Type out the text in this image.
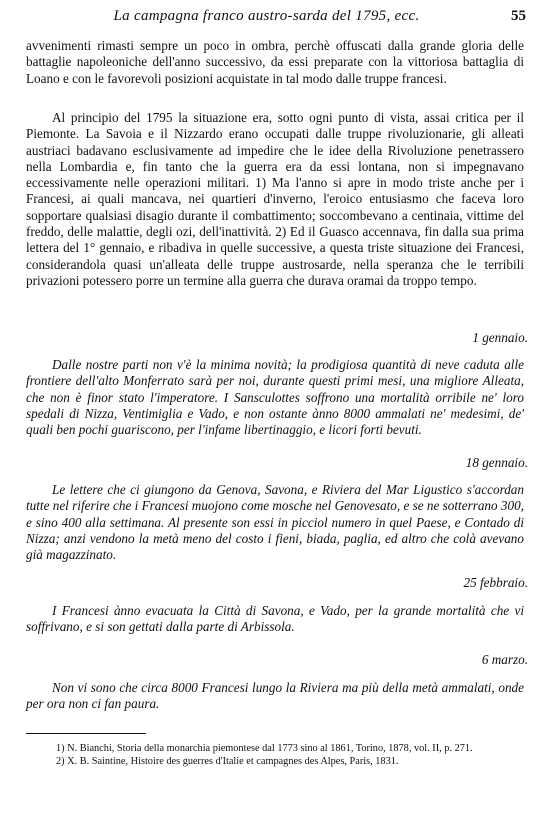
La campagna franco austro-sarda del 1795, ecc.	55

avvenimenti rimasti sempre un poco in ombra, perchè offuscati dalla grande gloria delle battaglie napoleoniche dell'anno successivo, da essi preparate con la vittoriosa battaglia di Loano e con le favorevoli posizioni acquistate in tal modo dalle truppe francesi.

Al principio del 1795 la situazione era, sotto ogni punto di vista, assai critica per il Piemonte. La Savoia e il Nizzardo erano occupati dalle truppe rivoluzionarie, gli alleati austriaci badavano esclusivamente ad impedire che le idee della Rivoluzione penetrassero nella Lombardia e, fin tanto che la guerra era da essi lontana, non si impegnavano eccessivamente nelle operazioni militari. 1) Ma l'anno si apre in modo triste anche per i Francesi, ai quali mancava, nei quartieri d'inverno, l'eroico entusiasmo che faceva loro sopportare qualsiasi disagio durante il combattimento; soccombevano a centinaia, vittime del freddo, delle malattie, degli ozi, dell'inattività. 2) Ed il Guasco accennava, fin dalla sua prima lettera del 1° gennaio, e ribadiva in quelle successive, a questa triste situazione dei Francesi, considerandola quasi un'alleata delle truppe austrosarde, nella speranza che le terribili privazioni potessero porre un termine alla guerra che durava oramai da troppo tempo.

1 gennaio.

Dalle nostre parti non v'è la minima novità; la prodigiosa quantità di neve caduta alle frontiere dell'alto Monferrato sarà per noi, durante questi primi mesi, una migliore Alleata, che non è finor stato l'imperatore. I Sansculottes soffrono una mortalità orribile ne' loro spedali di Nizza, Ventimiglia e Vado, e non ostante ànno 8000 ammalati ne' medesimi, de' quali ben pochi guariscono, per l'infame libertinaggio, e licori forti bevuti.

18 gennaio.

Le lettere che ci giungono da Genova, Savona, e Riviera del Mar Ligustico s'accordan tutte nel riferire che i Francesi muojono come mosche nel Genovesato, e se ne sotterrano 300, e sino 400 alla settimana. Al presente son essi in picciol numero in quel Paese, e Contado di Nizza; anzi vendono la metà meno del costo i fieni, biada, paglia, ed altro che colà avevano già magazzinato.

25 febbraio.

I Francesi ànno evacuata la Città di Savona, e Vado, per la grande mortalità che vi soffrivano, e si son gettati dalla parte di Arbissola.

6 marzo.

Non vi sono che circa 8000 Francesi lungo la Riviera ma più della metà ammalati, onde per ora non ci fan paura.

1) N. Bianchi, Storia della monarchia piemontese dal 1773 sino al 1861, Torino, 1878, vol. II, p. 271.

2) X. B. Saintine, Histoire des guerres d'Italie et campagnes des Alpes, Paris, 1831.
